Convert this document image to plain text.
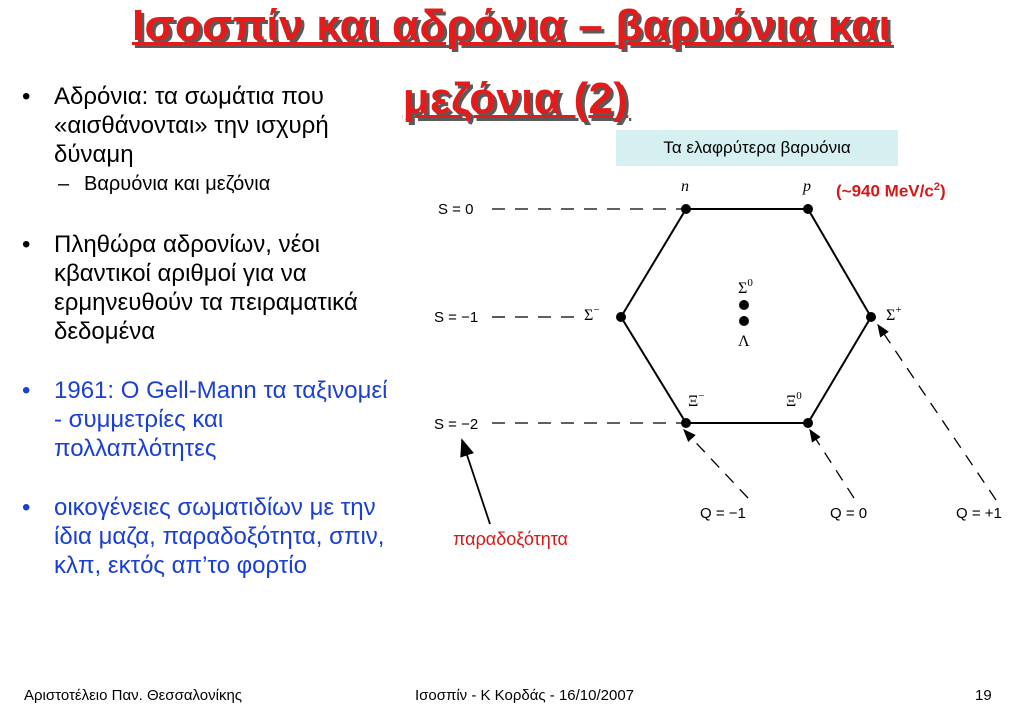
Ισοσπίν και αδρόνια – βαρυόνια και
μεζόνια (2)
• Αδρόνια: τα σωμάτια που «αισθάνονται» την ισχυρή δύναμη
– Βαρυόνια και μεζόνια
• Πληθώρα αδρονίων, νέοι κβαντικοί αριθμοί για να ερμηνευθούν τα πειραματικά δεδομένα
• 1961: Ο Gell-Mann τα ταξινομεί - συμμετρίες και πολλαπλότητες
• οικογένειες σωματιδίων με την ίδια μαζα, παραδοξότητα, σπιν, κλπ, εκτός απ’το φορτίο
S = 0
S = −1
S = −2
Q = −1	Q = 0	Q = +1
n	p
Σ−
$\Sigma^0$
Λ
Σ+
Ξ−	$\Xi^0$
Τα ελαφρύτερα βαρυόνια
(~940 MeV/$c^2$)
παραδοξότητα
Αριστοτέλειο Παν. Θεσσαλονίκης	Ισοσπίν - Κ Κορδάς - 16/10/2007	19
